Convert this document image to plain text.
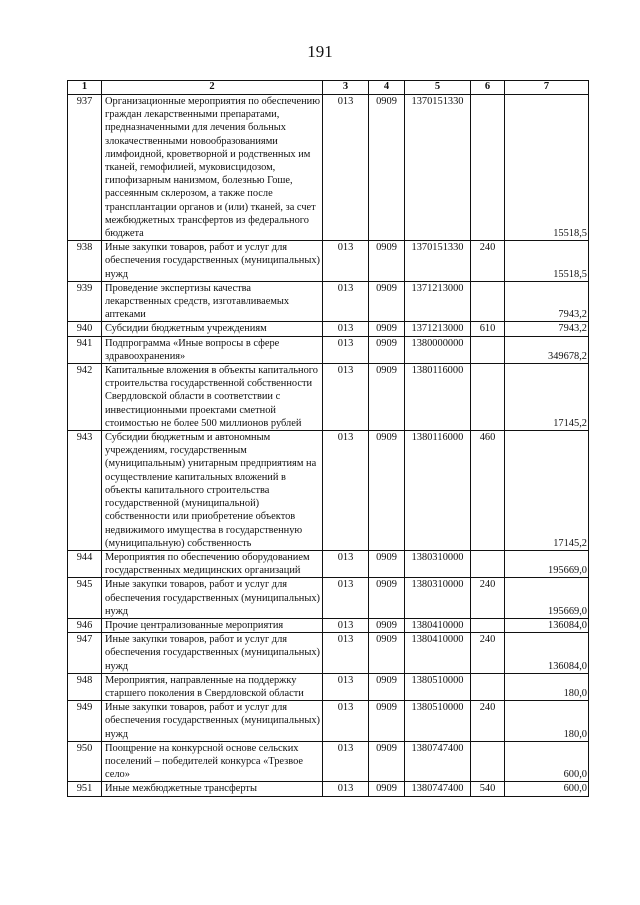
191
1	2	3	4	5	6	7
937	Организационные мероприятия по обеспечению граждан лекарственными препаратами, предназначенными для лечения больных злокачественными новообразованиями лимфоидной, кроветворной и родственных им тканей, гемофилией, муковисцидозом, гипофизарным нанизмом, болезнью Гоше, рассеянным склерозом, а также после трансплантации органов и (или) тканей, за счет межбюджетных трансфертов из федерального бюджета	013	0909	1370151330		15518,5
938	Иные закупки товаров, работ и услуг для обеспечения государственных (муниципальных) нужд	013	0909	1370151330	240	15518,5
939	Проведение экспертизы качества лекарственных средств, изготавливаемых аптеками	013	0909	1371213000		7943,2
940	Субсидии бюджетным учреждениям	013	0909	1371213000	610	7943,2
941	Подпрограмма «Иные вопросы в сфере здравоохранения»	013	0909	1380000000		349678,2
942	Капитальные вложения в объекты капитального строительства государственной собственности Свердловской области в соответствии с инвестиционными проектами сметной стоимостью не более 500 миллионов рублей	013	0909	1380116000		17145,2
943	Субсидии бюджетным и автономным учреждениям, государственным (муниципальным) унитарным предприятиям на осуществление капитальных вложений в объекты капитального строительства государственной (муниципальной) собственности или приобретение объектов недвижимого имущества в государственную (муниципальную) собственность	013	0909	1380116000	460	17145,2
944	Мероприятия по обеспечению оборудованием государственных медицинских организаций	013	0909	1380310000		195669,0
945	Иные закупки товаров, работ и услуг для обеспечения государственных (муниципальных) нужд	013	0909	1380310000	240	195669,0
946	Прочие централизованные мероприятия	013	0909	1380410000		136084,0
947	Иные закупки товаров, работ и услуг для обеспечения государственных (муниципальных) нужд	013	0909	1380410000	240	136084,0
948	Мероприятия, направленные на поддержку старшего поколения в Свердловской области	013	0909	1380510000		180,0
949	Иные закупки товаров, работ и услуг для обеспечения государственных (муниципальных) нужд	013	0909	1380510000	240	180,0
950	Поощрение на конкурсной основе сельских поселений – победителей конкурса «Трезвое село»	013	0909	1380747400		600,0
951	Иные межбюджетные трансферты	013	0909	1380747400	540	600,0
